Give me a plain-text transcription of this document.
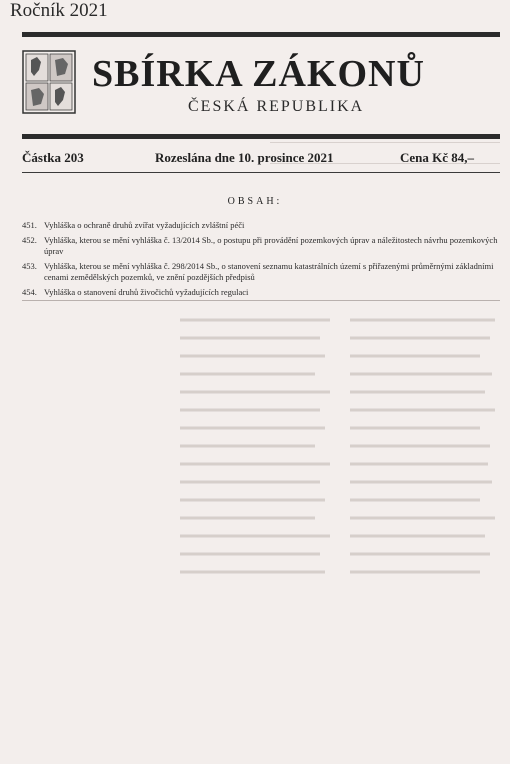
Ročník 2021
SBÍRKA ZÁKONŮ
ČESKÁ REPUBLIKA
Částka 203	Rozeslána dne 10. prosince 2021	Cena Kč 84,–
OBSAH:
451. Vyhláška o ochraně druhů zvířat vyžadujících zvláštní péči
452. Vyhláška, kterou se mění vyhláška č. 13/2014 Sb., o postupu při provádění pozemkových úprav a náležitostech návrhu pozemkových úprav
453. Vyhláška, kterou se mění vyhláška č. 298/2014 Sb., o stanovení seznamu katastrálních území s přiřazenými průměrnými základními cenami zemědělských pozemků, ve znění pozdějších předpisů
454. Vyhláška o stanovení druhů živočichů vyžadujících regulaci
